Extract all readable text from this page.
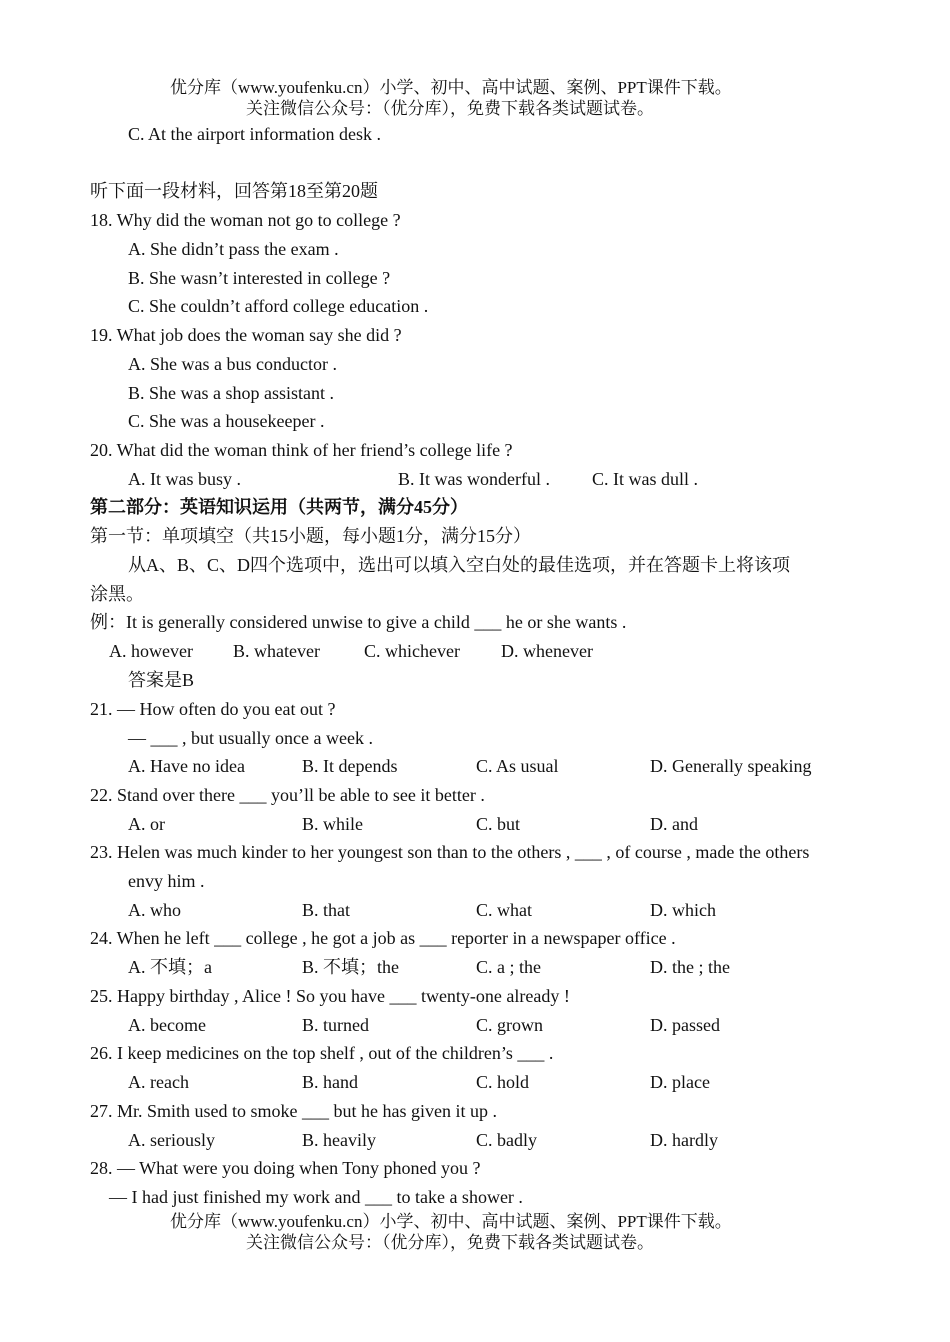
优分库（www.youfenku.cn）小学、初中、高中试题、案例、PPT课件下载。
关注微信公众号：（优分库），免费下载各类试题试卷。
C. At the airport information desk .
听下面一段材料，回答第18至第20题
18. Why did the woman not go to college ?
A. She didn’t pass the exam .
B. She wasn’t interested in college ?
C. She couldn’t afford college education .
19. What job does the woman say she did ?
A. She was a bus conductor .
B. She was a shop assistant .
C. She was a housekeeper .
20. What did the woman think of her friend’s college life ?
A. It was busy .	B. It was wonderful . C. It was dull .
第二部分：英语知识运用（共两节，满分45分）
第一节：单项填空（共15小题，每小题1分，满分15分）
从A、B、C、D四个选项中，选出可以填入空白处的最佳选项，并在答题卡上将该项
涂黑。
例：It is generally considered unwise to give a child ___ he or she wants .
A. however B. whatever C. whichever D. whenever
答案是B
21. — How often do you eat out ?
— ___ , but usually once a week .
A. Have no idea	B. It depends	C. As usual	D. Generally speaking
22. Stand over there ___ you’ll be able to see it better .
A. or	B. while	C. but	D. and
23. Helen was much kinder to her youngest son than to the others , ___ , of course , made the others
envy him .
A. who	B. that	C. what	D. which
24. When he left ___ college , he got a job as ___ reporter in a newspaper office .
A. 不填；a	B. 不填；the	C. a ; the	D. the ; the
25. Happy birthday , Alice ! So you have ___ twenty-one already !
A. become	B. turned	C. grown	D. passed
26. I keep medicines on the top shelf , out of the children’s ___ .
A. reach	B. hand	C. hold	D. place
27. Mr. Smith used to smoke ___ but he has given it up .
A. seriously	B. heavily	C. badly	D. hardly
28. — What were you doing when Tony phoned you ?
— I had just finished my work and ___ to take a shower .
优分库（www.youfenku.cn）小学、初中、高中试题、案例、PPT课件下载。
关注微信公众号：（优分库），免费下载各类试题试卷。
